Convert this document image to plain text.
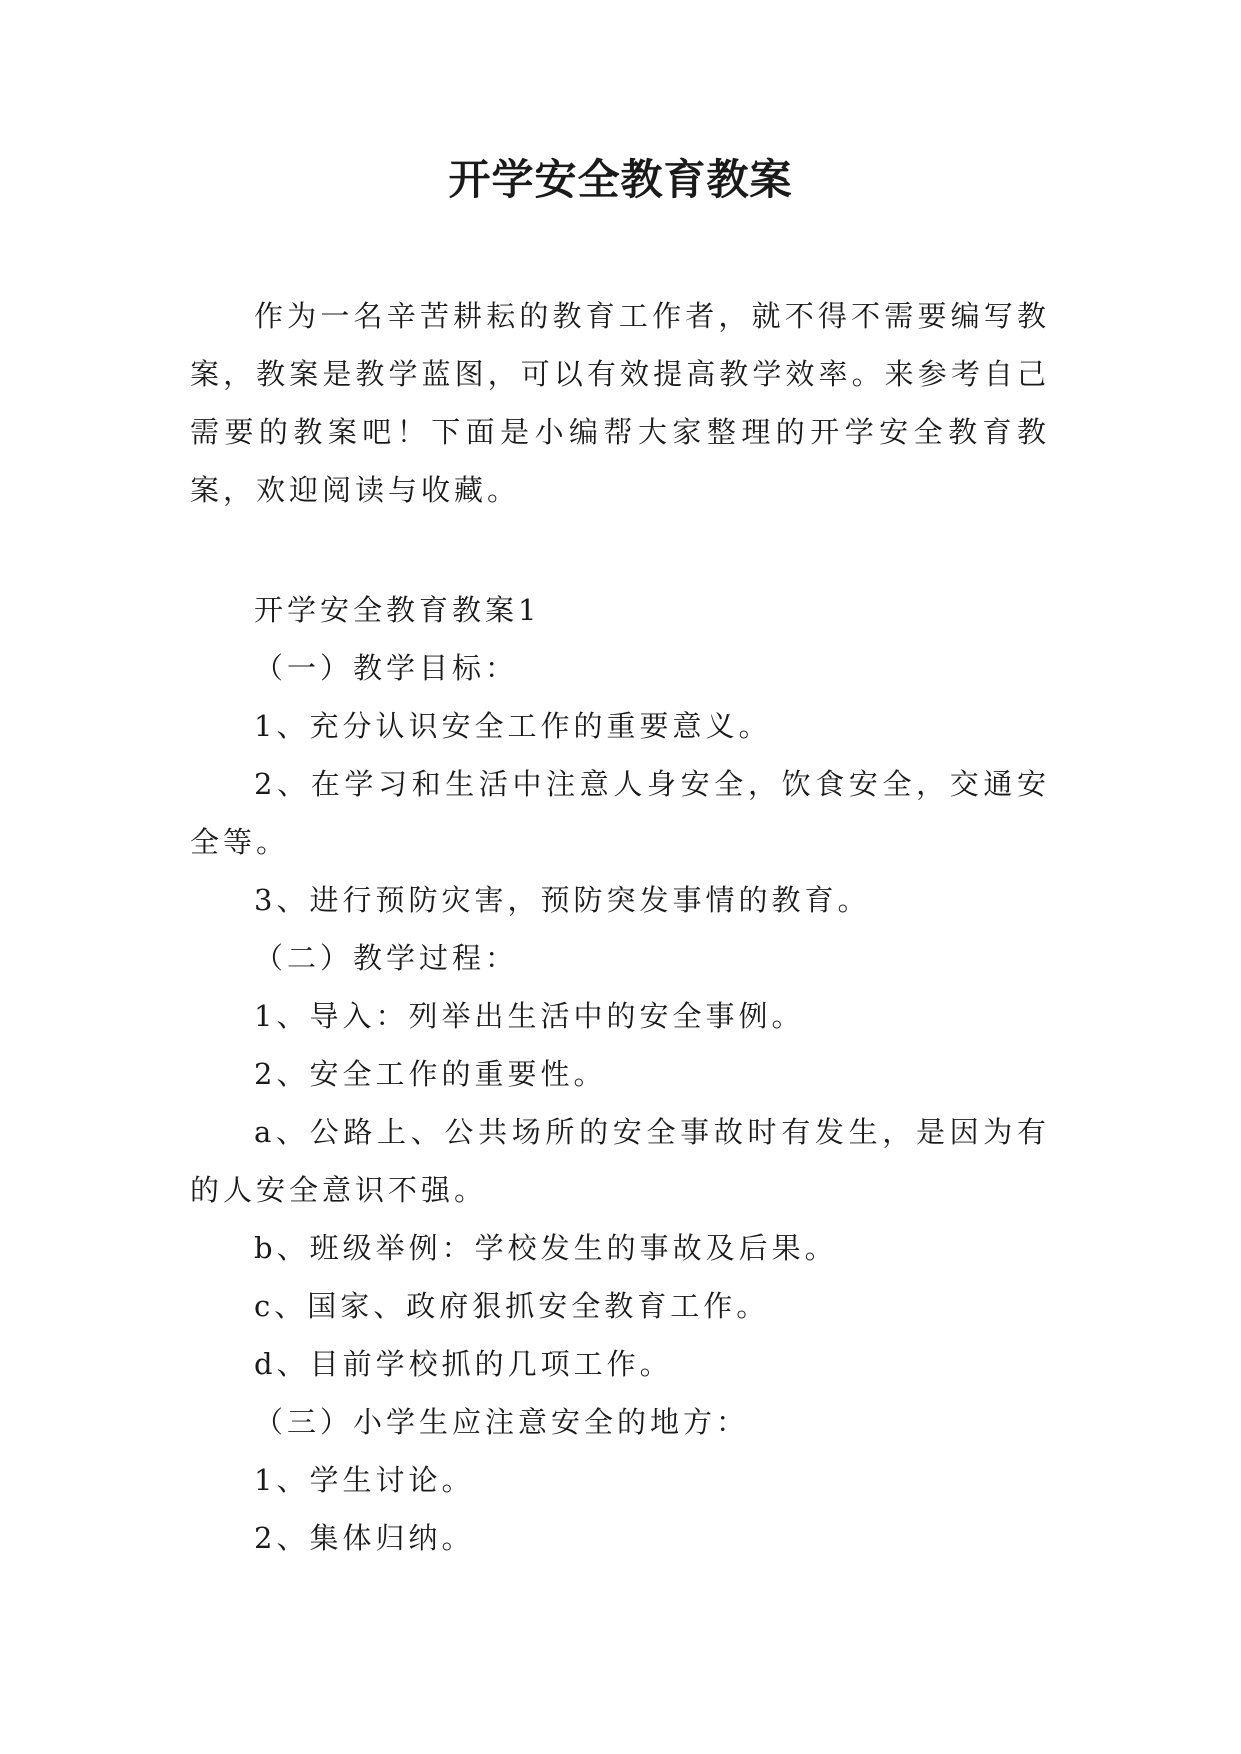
开学安全教育教案

作为一名辛苦耕耘的教育工作者，就不得不需要编写教案，教案是教学蓝图，可以有效提高教学效率。来参考自己需要的教案吧！下面是小编帮大家整理的开学安全教育教案，欢迎阅读与收藏。

开学安全教育教案1

（一）教学目标：

1、充分认识安全工作的重要意义。

2、在学习和生活中注意人身安全，饮食安全，交通安全等。

3、进行预防灾害，预防突发事情的教育。

（二）教学过程：

1、导入：列举出生活中的安全事例。

2、安全工作的重要性。

a、公路上、公共场所的安全事故时有发生，是因为有的人安全意识不强。

b、班级举例：学校发生的事故及后果。

c、国家、政府狠抓安全教育工作。

d、目前学校抓的几项工作。

（三）小学生应注意安全的地方：

1、学生讨论。

2、集体归纳。
